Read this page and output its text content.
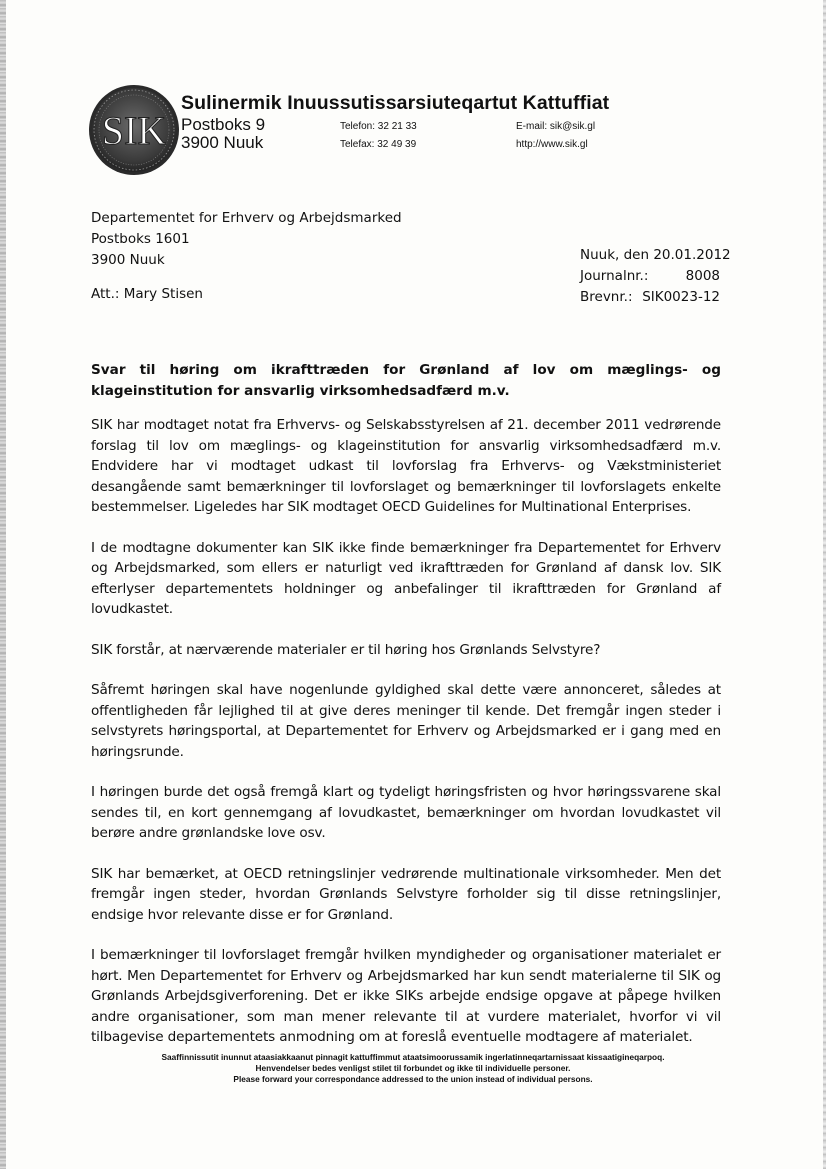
SIK
Sulinermik Inuussutissarsiuteqartut Kattuffiat
Postboks 9
3900 Nuuk
Telefon: 32 21 33
Telefax: 32 49 39
E-mail: sik@sik.gl
http://www.sik.gl
Departementet for Erhverv og Arbejdsmarked
Postboks 1601
3900 Nuuk
Att.: Mary Stisen
Nuuk, den 20.01.2012
Journalnr.:	8008
Brevnr.: SIK0023-12
Svar til høring om ikrafttræden for Grønland af lov om mæglings- og klageinstitution for ansvarlig virksomhedsadfærd m.v.

SIK har modtaget notat fra Erhvervs- og Selskabsstyrelsen af 21. december 2011 vedrørende forslag til lov om mæglings- og klageinstitution for ansvarlig virksomhedsadfærd m.v. Endvidere har vi modtaget udkast til lovforslag fra Erhvervs- og Vækstministeriet desangående samt bemærkninger til lovforslaget og bemærkninger til lovforslagets enkelte bestemmelser. Ligeledes har SIK modtaget OECD Guidelines for Multinational Enterprises.

I de modtagne dokumenter kan SIK ikke finde bemærkninger fra Departementet for Erhverv og Arbejdsmarked, som ellers er naturligt ved ikrafttræden for Grønland af dansk lov. SIK efterlyser departementets holdninger og anbefalinger til ikrafttræden for Grønland af lovudkastet.

SIK forstår, at nærværende materialer er til høring hos Grønlands Selvstyre?

Såfremt høringen skal have nogenlunde gyldighed skal dette være annonceret, således at offentligheden får lejlighed til at give deres meninger til kende. Det fremgår ingen steder i selvstyrets høringsportal, at Departementet for Erhverv og Arbejdsmarked er i gang med en høringsrunde.

I høringen burde det også fremgå klart og tydeligt høringsfristen og hvor høringssvarene skal sendes til, en kort gennemgang af lovudkastet, bemærkninger om hvordan lovudkastet vil berøre andre grønlandske love osv.

SIK har bemærket, at OECD retningslinjer vedrørende multinationale virksomheder. Men det fremgår ingen steder, hvordan Grønlands Selvstyre forholder sig til disse retningslinjer, endsige hvor relevante disse er for Grønland.

I bemærkninger til lovforslaget fremgår hvilken myndigheder og organisationer materialet er hørt. Men Departementet for Erhverv og Arbejdsmarked har kun sendt materialerne til SIK og Grønlands Arbejdsgiverforening. Det er ikke SIKs arbejde endsige opgave at påpege hvilken andre organisationer, som man mener relevante til at vurdere materialet, hvorfor vi vil tilbagevise departementets anmodning om at foreslå eventuelle modtagere af materialet.

Saaffinnissutit inunnut ataasiakkaanut pinnagit kattuffimmut ataatsimoorussamik ingerlatinneqartarnissaat kissaatigineqarpoq.
Henvendelser bedes venligst stilet til forbundet og ikke til individuelle personer.
Please forward your correspondance addressed to the union instead of individual persons.
